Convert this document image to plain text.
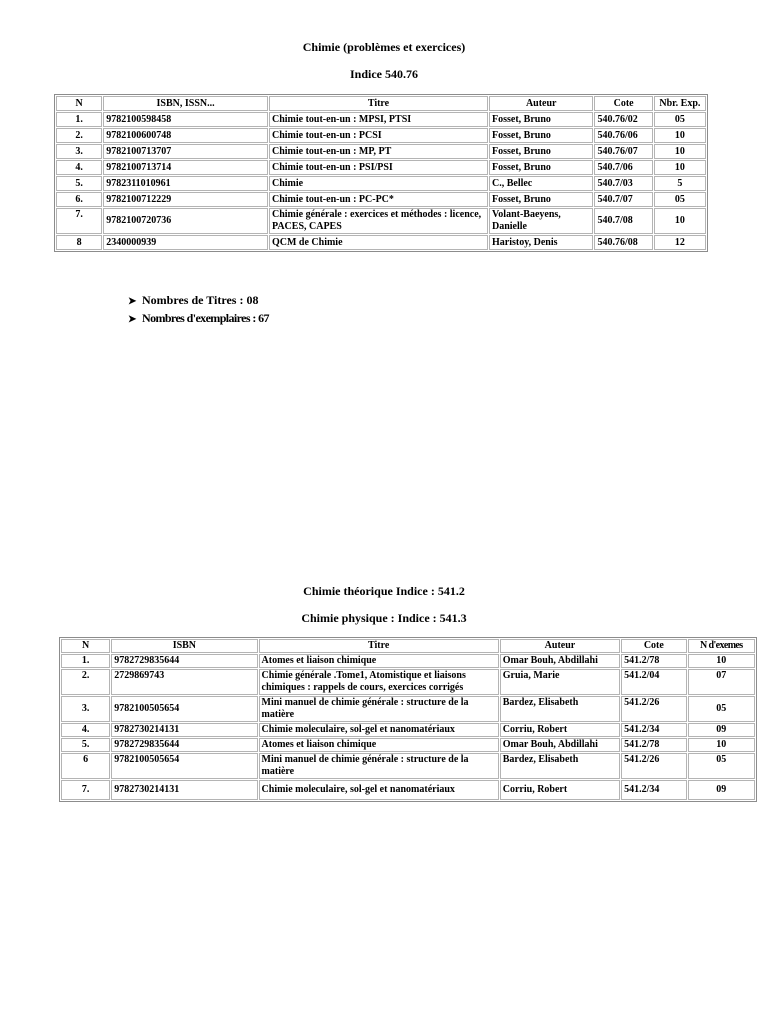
Chimie (problèmes et exercices)
Indice 540.76
N	ISBN, ISSN...	Titre	Auteur	Cote	Nbr. Exp.
1.	9782100598458	Chimie tout-en-un : MPSI, PTSI	Fosset, Bruno	540.76/02	05
2.	9782100600748	Chimie tout-en-un : PCSI	Fosset, Bruno	540.76/06	10
3.	9782100713707	Chimie tout-en-un : MP, PT	Fosset, Bruno	540.76/07	10
4.	9782100713714	Chimie tout-en-un : PSI/PSI	Fosset, Bruno	540.7/06	10
5.	9782311010961	Chimie	C., Bellec	540.7/03	5
6.	9782100712229	Chimie tout-en-un : PC-PC*	Fosset, Bruno	540.7/07	05
7.	9782100720736	Chimie générale : exercices et méthodes : licence, PACES, CAPES	Volant-Baeyens, Danielle	540.7/08	10
8	2340000939	QCM de Chimie	Haristoy, Denis	540.76/08	12
➤ Nombres de Titres : 08
➤ Nombres d'exemplaires : 67
Chimie théorique Indice : 541.2
Chimie physique : Indice : 541.3
N	ISBN	Titre	Auteur	Cote	N d'exemes
1.	9782729835644	Atomes et liaison chimique	Omar Bouh, Abdillahi	541.2/78	10
2.	2729869743	Chimie générale .Tome1, Atomistique et liaisons chimiques : rappels de cours, exercices corrigés	Gruia, Marie	541.2/04	07
3.	9782100505654	Mini manuel de chimie générale : structure de la matière	Bardez, Elisabeth	541.2/26	05
4.	9782730214131	Chimie moleculaire, sol-gel et nanomatériaux	Corriu, Robert	541.2/34	09
5.	9782729835644	Atomes et liaison chimique	Omar Bouh, Abdillahi	541.2/78	10
6	9782100505654	Mini manuel de chimie générale : structure de la matière	Bardez, Elisabeth	541.2/26	05
7.	9782730214131	Chimie moleculaire, sol-gel et nanomatériaux	Corriu, Robert	541.2/34	09
